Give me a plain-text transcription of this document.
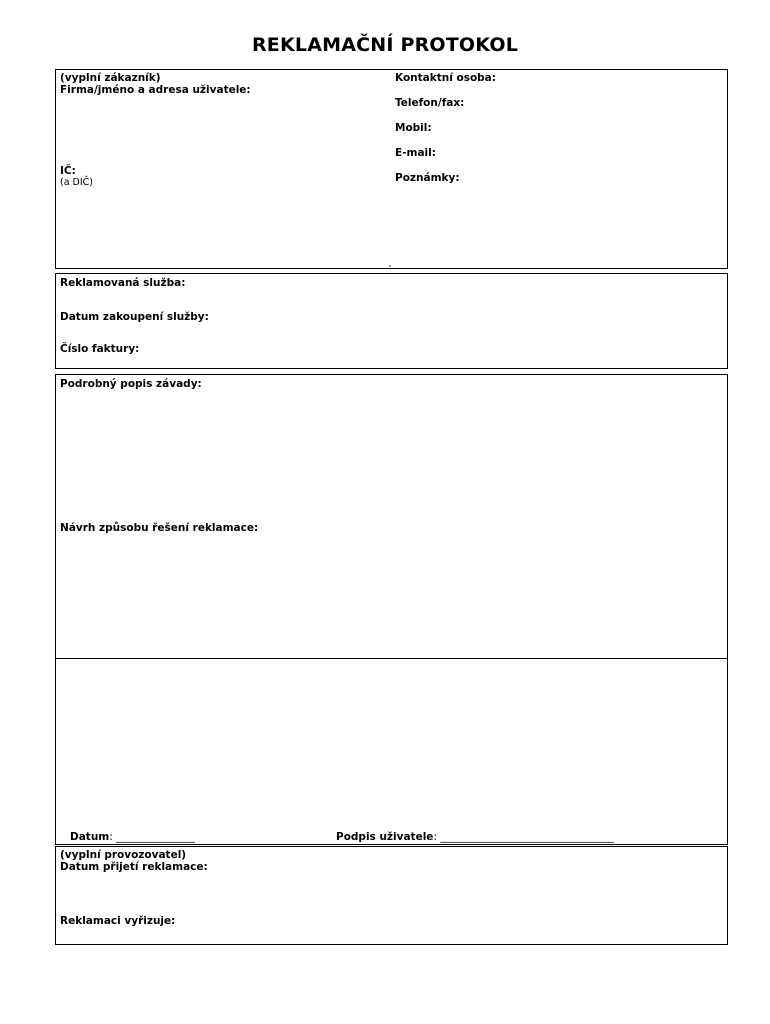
REKLAMAČNÍ PROTOKOL
(vyplní zákazník)
Firma/jméno a adresa uživatele:
IČ:
(a DIČ)
Kontaktní osoba:
Telefon/fax:
Mobil:
E-mail:
Poznámky:
Reklamovaná služba:
Datum zakoupení služby:
Číslo faktury:
Podrobný popis závady:
Návrh způsobu řešení reklamace:
Datum: _______________	Podpis uživatele: _________________________________
(vyplní provozovatel)
Datum přijetí reklamace:
Reklamaci vyřizuje:
